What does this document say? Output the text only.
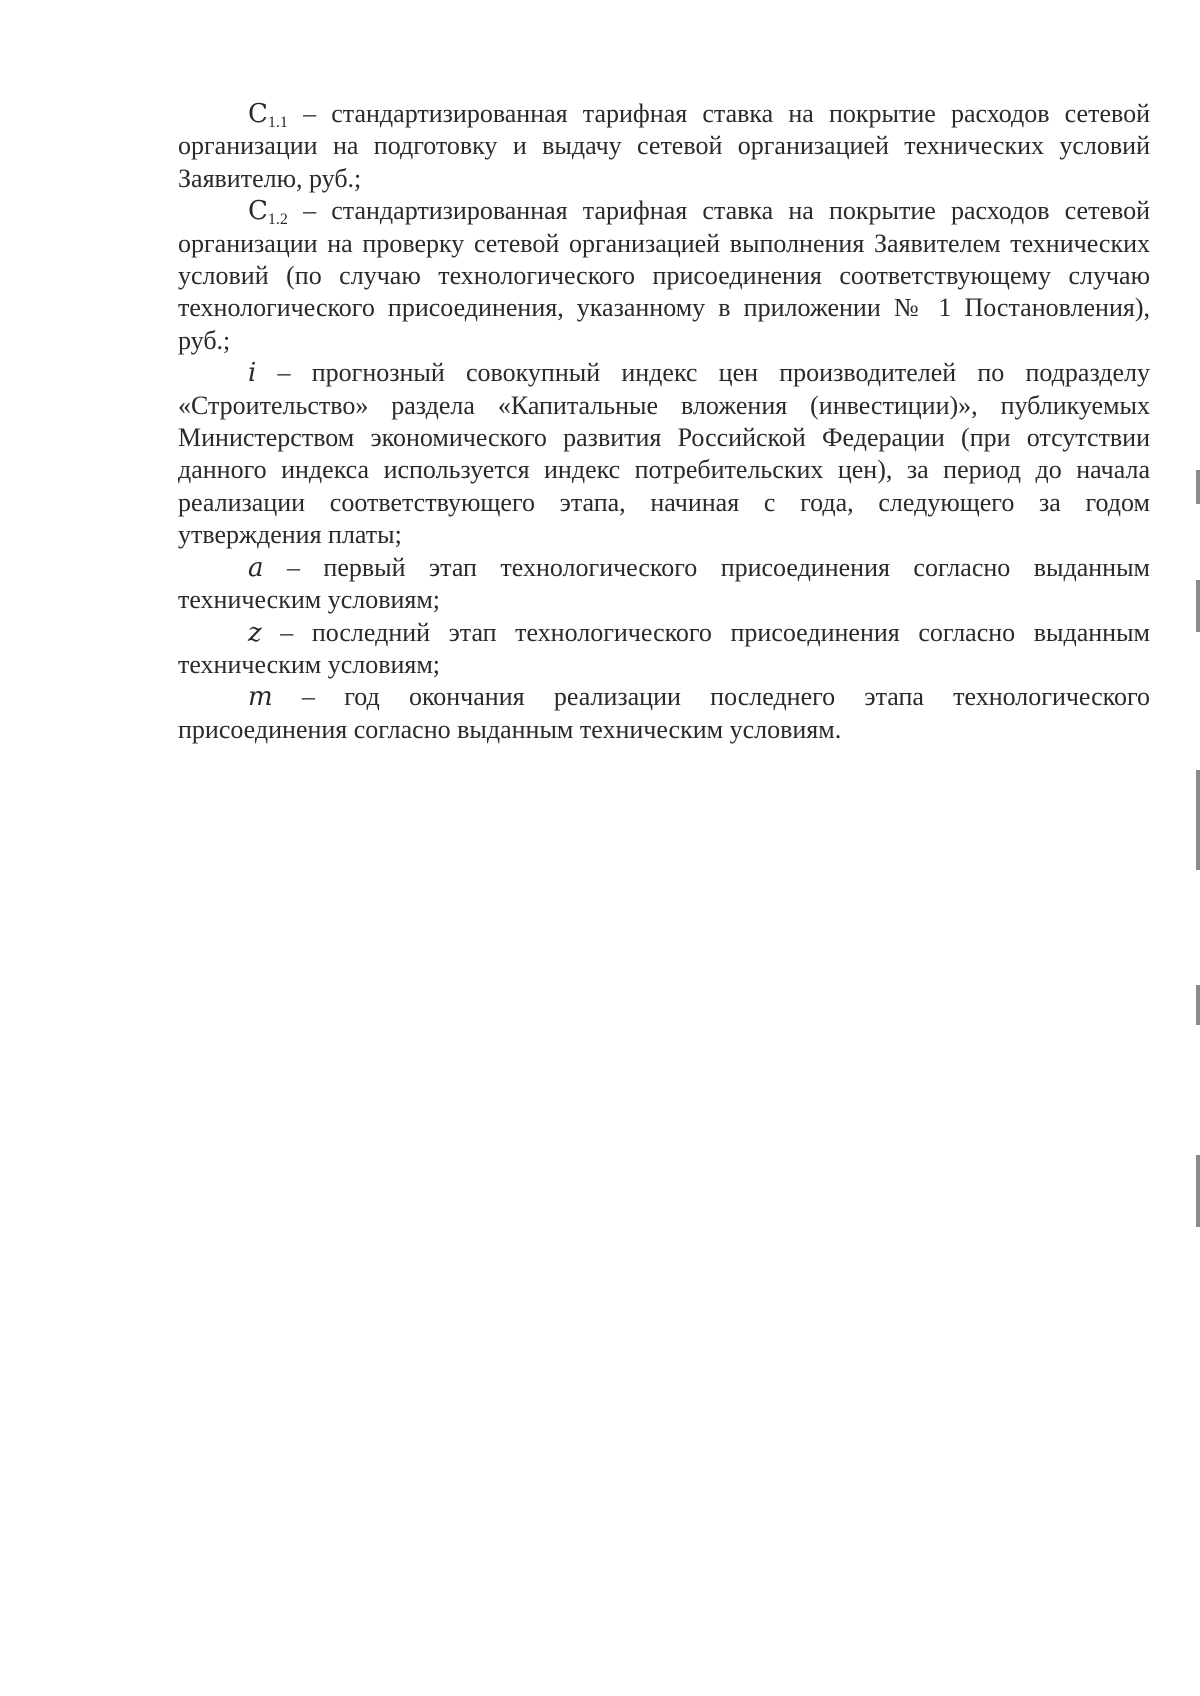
$C_{1.1}$ – стандартизированная тарифная ставка на покрытие расходов сетевой организации на подготовку и выдачу сетевой организацией технических условий Заявителю, руб.;

$C_{1.2}$ – стандартизированная тарифная ставка на покрытие расходов сетевой организации на проверку сетевой организацией выполнения Заявителем технических условий (по случаю технологического присоединения соответствующему случаю технологического присоединения, указанному в приложении № 1 Постановления), руб.;

i – прогнозный совокупный индекс цен производителей по подразделу «Строительство» раздела «Капитальные вложения (инвестиции)», публикуемых Министерством экономического развития Российской Федерации (при отсутствии данного индекса используется индекс потребительских цен), за период до начала реализации соответствующего этапа, начиная с года, следующего за годом утверждения платы;

a – первый этап технологического присоединения согласно выданным техническим условиям;

z – последний этап технологического присоединения согласно выданным техническим условиям;

m – год окончания реализации последнего этапа технологического присоединения согласно выданным техническим условиям.
